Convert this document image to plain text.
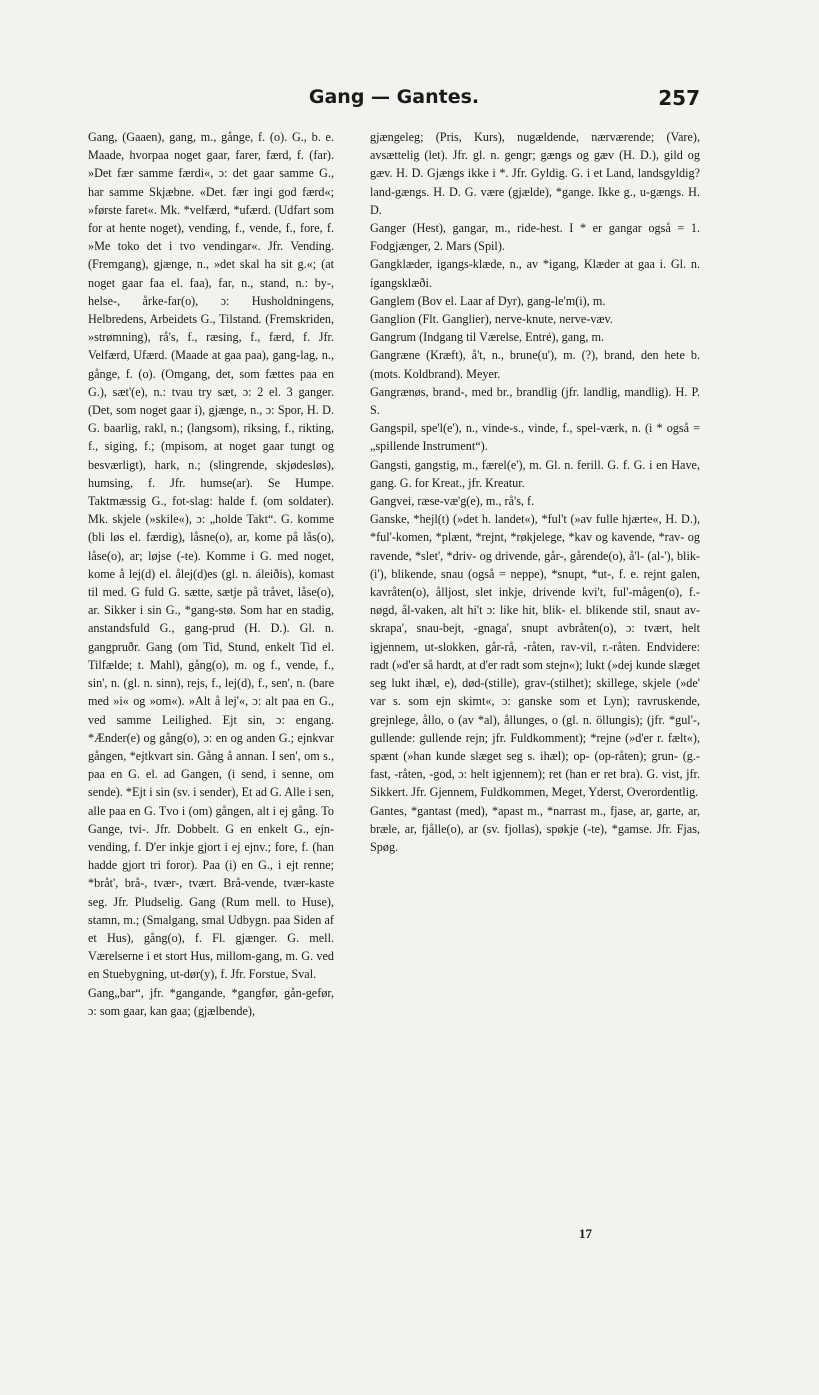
Gang — Gantes.	257

Gang, (Gaaen), gang, m., gånge, f. (o). G., b. e. Maade, hvorpaa noget gaar, farer, færd, f. (far). »Det fær samme færdi«, ɔ: det gaar samme G., har samme Skjæbne. «Det. fær ingi god færd«; »første faret«. Mk. *velfærd, *ufærd. (Udfart som for at hente noget), vending, f., vende, f., fore, f. »Me toko det i tvo vendingar«. Jfr. Vending. (Fremgang), gjænge, n., »det skal ha sit g.«; (at noget gaar faa el. faa), far, n., stand, n.: by-, helse-, årke-far(o), ɔ: Husholdningens, Helbredens, Arbeidets G., Tilstand. (Fremskriden, »strømning), rå's, f., ræsing, f., færd, f. Jfr. Velfærd, Ufærd. (Maade at gaa paa), gang-lag, n., gånge, f. (o). (Omgang, det, som fættes paa en G.), sæt'(e), n.: tvau try sæt, ɔ: 2 el. 3 ganger. (Det, som noget gaar i), gjænge, n., ɔ: Spor, H. D. G. baarlig, rakl, n.; (langsom), riksing, f., rikting, f., siging, f.; (mpisom, at noget gaar tungt og besværligt), hark, n.; (slingrende, skjødesløs), humsing, f. Jfr. humse(ar). Se Humpe. Taktmæssig G., fot-slag: halde f. (om soldater). Mk. skjele (»skile«), ɔ: „holde Takt“. G. komme (bli løs el. færdig), låsne(o), ar, kome på lås(o), låse(o), ar; løjse (-te). Komme i G. med noget, kome å lej(d) el. ålej(d)es (gl. n. áleiðis), komast til med. G fuld G. sætte, sætje på tråvet, låse(o), ar. Sikker i sin G., *gang-stø. Som har en stadig, anstandsfuld G., gang-prud (H. D.). Gl. n. gangpruðr. Gang (om Tid, Stund, enkelt Tid el. Tilfælde; t. Mahl), gång(o), m. og f., vende, f., sin', n. (gl. n. sinn), rejs, f., lej(d), f., sen', n. (bare med »i« og »om«). »Alt å lej'«, ɔ: alt paa en G., ved samme Leilighed. Ejt sin, ɔ: engang. *Ænder(e) og gång(o), ɔ: en og anden G.; ejnkvar gången, *ejtkvart sin. Gång å annan. I sen', om s., paa en G. el. ad Gangen, (i send, i senne, om sende). *Ejt i sin (sv. i sender), Et ad G. Alle i sen, alle paa en G. Tvo i (om) gången, alt i ej gång. To Gange, tvi-. Jfr. Dobbelt. G en enkelt G., ejn-vending, f. D'er inkje gjort i ej ejnv.; fore, f. (han hadde gjort tri foror). Paa (i) en G., i ejt renne; *bråt', brå-, tvær-, tvært. Brå-vende, tvær-kaste seg. Jfr. Pludselig. Gang (Rum mell. to Huse), stamn, m.; (Smalgang, smal Udbygn. paa Siden af et Hus), gång(o), f. Fl. gjænger. G. mell. Værelserne i et stort Hus, millom-gang, m. G. ved en Stuebygning, ut-dør(y), f. Jfr. Forstue, Sval.

Gang„bar“, jfr. *gangande, *gangfør, gån-gefør, ɔ: som gaar, kan gaa; (gjælbende),

gjængeleg; (Pris, Kurs), nugældende, nærværende; (Vare), avsættelig (let). Jfr. gl. n. gengr; gængs og gæv (H. D.), gild og gæv. H. D. Gjængs ikke i *. Jfr. Gyldig. G. i et Land, landsgyldig? land-gængs. H. D. G. være (gjælde), *gange. Ikke g., u-gængs. H. D.

Ganger (Hest), gangar, m., ride-hest. I * er gangar også = 1. Fodgjænger, 2. Mars (Spil).

Gangklæder, igangs-klæde, n., av *igang, Klæder at gaa i. Gl. n. ígangsklæði.

Ganglem (Bov el. Laar af Dyr), gang-le'm(i), m.

Ganglion (Flt. Ganglier), nerve-knute, nerve-væv.

Gangrum (Indgang til Værelse, Entré), gang, m.

Gangræne (Kræft), å't, n., brune(u'), m. (?), brand, den hete b. (mots. Koldbrand). Meyer.

Gangrænøs, brand-, med br., brandlig (jfr. landlig, mandlig). H. P. S.

Gangspil, spe'l(e'), n., vinde-s., vinde, f., spel-værk, n. (i * også = „spillende Instrument“).

Gangsti, gangstig, m., færel(e'), m. Gl. n. ferill. G. f. G. i en Have, gang. G. for Kreat., jfr. Kreatur.

Gangvei, ræse-væ'g(e), m., rå's, f.

Ganske, *hejl(t) (»det h. landet«), *ful't (»av fulle hjærte«, H. D.), *ful'-komen, *plænt, *rejnt, *røkjelege, *kav og kavende, *rav- og ravende, *slet', *driv- og drivende, går-, gårende(o), å'l- (al-'), blik-(i'), blikende, snau (også = neppe), *snupt, *ut-, f. e. rejnt galen, kavråten(o), ålljost, slet inkje, drivende kvi't, ful'-mågen(o), f.-nøgd, ål-vaken, alt hi't ɔ: like hit, blik- el. blikende stil, snaut avskrapa', snau-bejt, -gnaga', snupt avbråten(o), ɔ: tvært, helt igjennem, ut-slokken, går-rå, -råten, rav-vil, r.-råten. Endvidere: radt (»d'er så hardt, at d'er radt som stejn«); lukt (»dej kunde slæget seg lukt ihæl, e), død-(stille), grav-(stilhet); skillege, skjele (»de' var s. som ejn skimt«, ɔ: ganske som et Lyn); ravruskende, grejnlege, ållo, o (av *al), ållunges, o (gl. n. öllungis); (jfr. *gul'-, gullende: gullende rejn; jfr. Fuldkomment); *rejne (»d'er r. fælt«), spænt (»han kunde slæget seg s. ihæl); op- (op-råten); grun- (g.-fast, -råten, -god, ɔ: helt igjennem); ret (han er ret bra). G. vist, jfr. Sikkert. Jfr. Gjennem, Fuldkommen, Meget, Yderst, Overordentlig.

Gantes, *gantast (med), *apast m., *narrast m., fjase, ar, garte, ar, bræle, ar, fjålle(o), ar (sv. fjollas), spøkje (-te), *gamse. Jfr. Fjas, Spøg.

17
